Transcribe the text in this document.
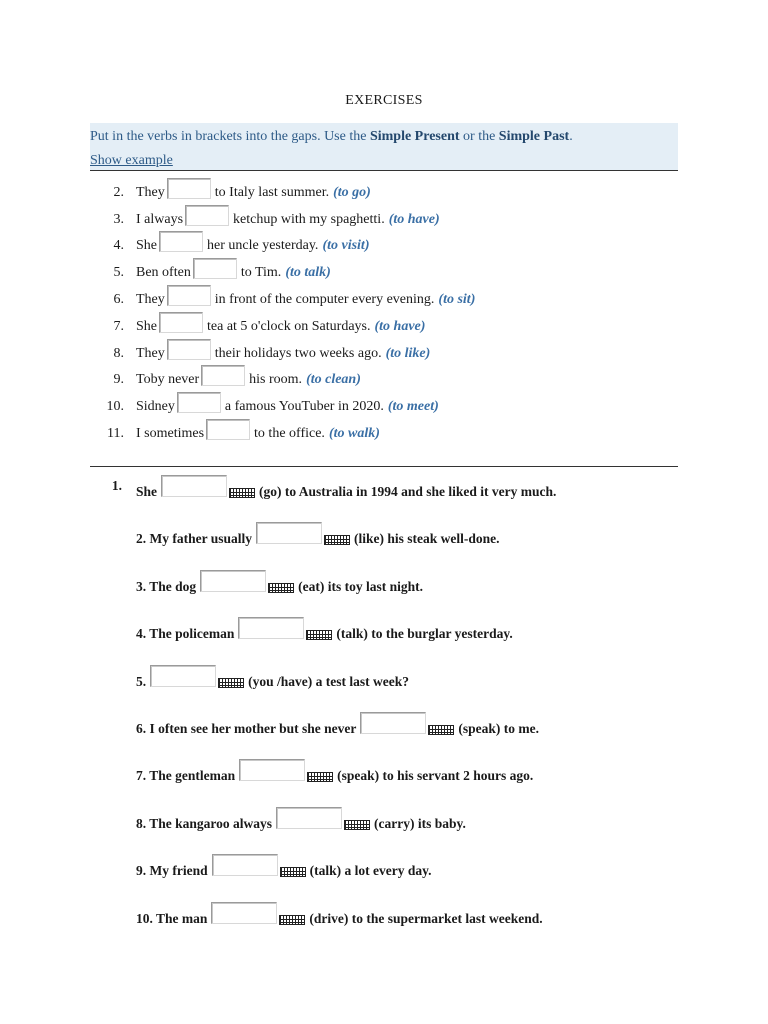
EXERCISES
Put in the verbs in brackets into the gaps. Use the Simple Present or the Simple Past.
Show example
2. They	to Italy last summer. (to go)
3. I always	ketchup with my spaghetti. (to have)
4. She	her uncle yesterday. (to visit)
5. Ben often	to Tim. (to talk)
6. They	in front of the computer every evening. (to sit)
7. She	tea at 5 o'clock on Saturdays. (to have)
8. They	their holidays two weeks ago. (to like)
9. Toby never	his room. (to clean)
10. Sidney	a famous YouTuber in 2020. (to meet)
11. I sometimes	to the office. (to walk)
1. She	(go) to Australia in 1994 and she liked it very much.
2. My father usually	(like) his steak well-done.
3. The dog	(eat) its toy last night.
4. The policeman	(talk) to the burglar yesterday.
5.	(you /have) a test last week?
6. I often see her mother but she never	(speak) to me.
7. The gentleman	(speak) to his servant 2 hours ago.
8. The kangaroo always	(carry) its baby.
9. My friend	(talk) a lot every day.
10. The man	(drive) to the supermarket last weekend.
